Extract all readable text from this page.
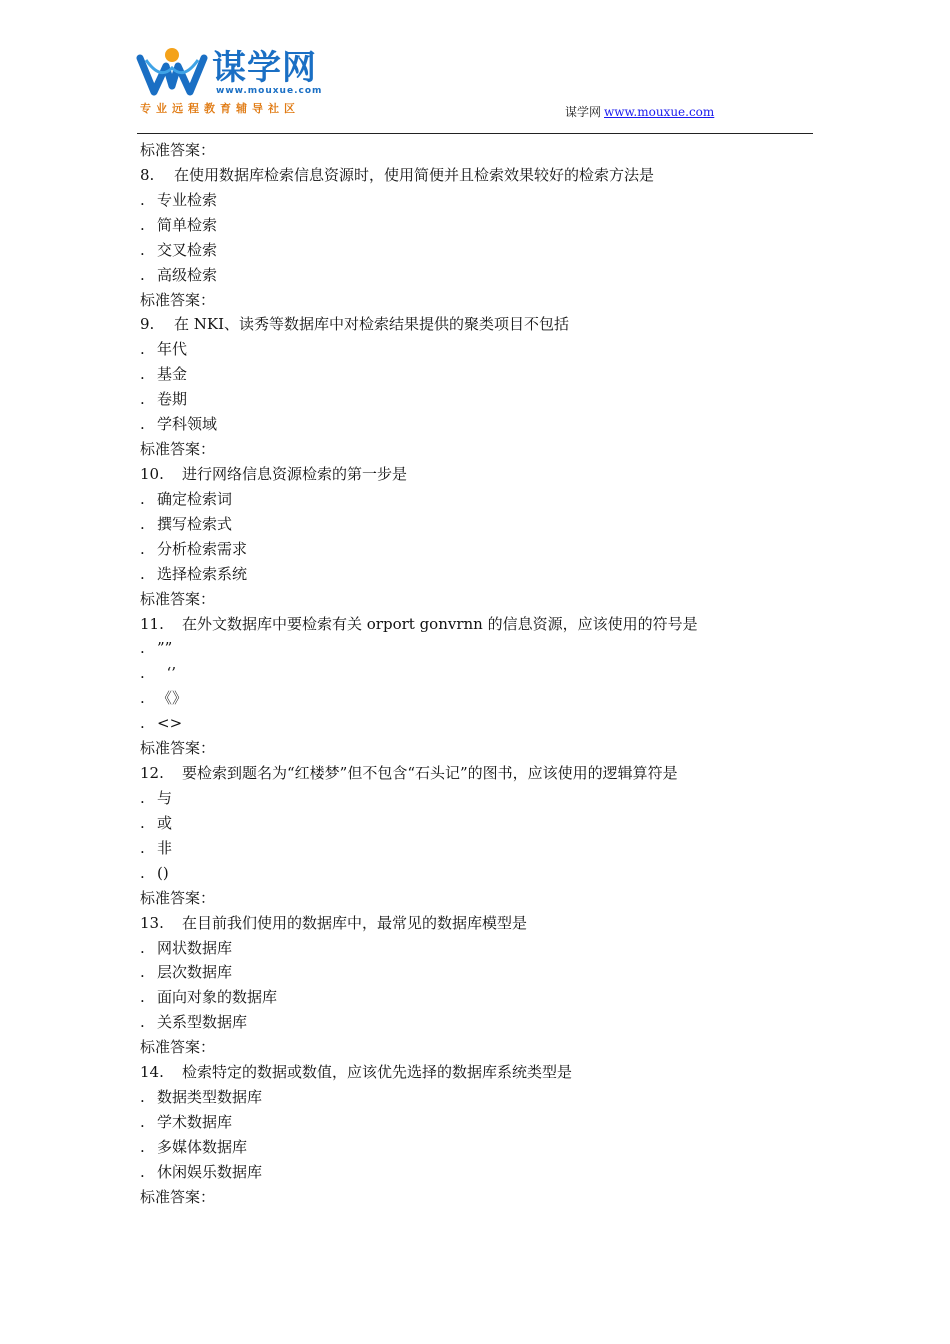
谋学网
www.mouxue.com
专业远程教育辅导社区	谋学网 www.mouxue.com
标准答案：
8. 在使用数据库检索信息资源时，使用简便并且检索效果较好的检索方法是
. 专业检索
. 简单检索
. 交叉检索
. 高级检索
标准答案：
9. 在 NKI、读秀等数据库中对检索结果提供的聚类项目不包括
. 年代
. 基金
. 卷期
. 学科领域
标准答案：
10. 进行网络信息资源检索的第一步是
. 确定检索词
. 撰写检索式
. 分析检索需求
. 选择检索系统
标准答案：
11. 在外文数据库中要检索有关 orport gonvrnn 的信息资源，应该使用的符号是
. ””
.  ‘’
. 《》
. <>
标准答案：
12. 要检索到题名为“红楼梦”但不包含“石头记”的图书，应该使用的逻辑算符是
. 与
. 或
. 非
. ()
标准答案：
13. 在目前我们使用的数据库中，最常见的数据库模型是
. 网状数据库
. 层次数据库
. 面向对象的数据库
. 关系型数据库
标准答案：
14. 检索特定的数据或数值，应该优先选择的数据库系统类型是
. 数据类型数据库
. 学术数据库
. 多媒体数据库
. 休闲娱乐数据库
标准答案：
